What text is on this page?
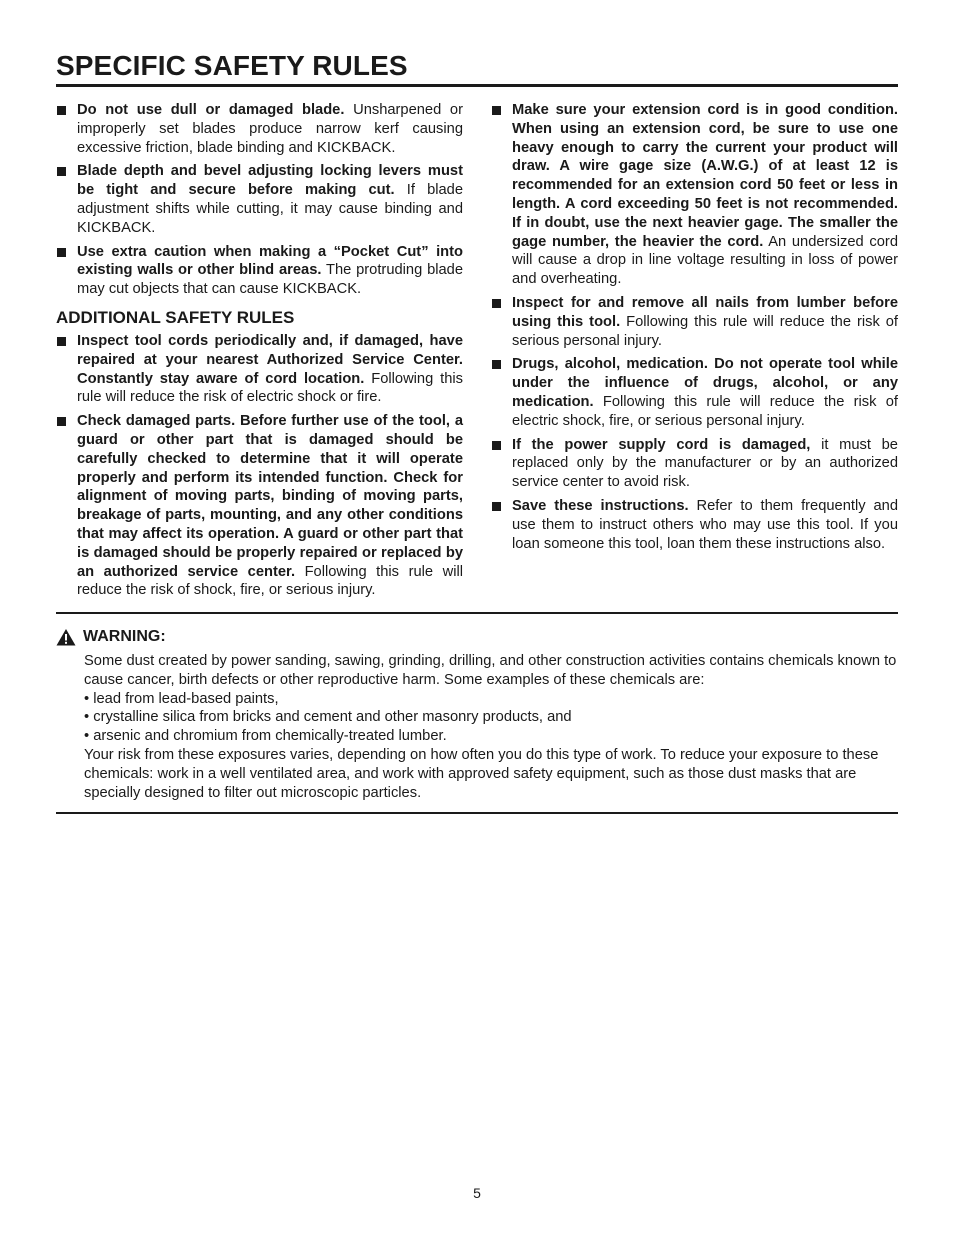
SPECIFIC SAFETY RULES

Do not use dull or damaged blade. Unsharpened or improperly set blades produce narrow kerf causing excessive friction, blade binding and KICKBACK.

Blade depth and bevel adjusting locking levers must be tight and secure before making cut. If blade adjustment shifts while cutting, it may cause binding and KICKBACK.

Use extra caution when making a “Pocket Cut” into existing walls or other blind areas. The protruding blade may cut objects that can cause KICKBACK.

ADDITIONAL SAFETY RULES

Inspect tool cords periodically and, if damaged, have repaired at your nearest Authorized Service Center. Constantly stay aware of cord location. Following this rule will reduce the risk of electric shock or fire.

Check damaged parts. Before further use of the tool, a guard or other part that is damaged should be carefully checked to determine that it will operate properly and perform its intended function. Check for alignment of moving parts, binding of moving parts, breakage of parts, mounting, and any other conditions that may affect its operation. A guard or other part that is damaged should be properly repaired or replaced by an authorized service center. Following this rule will reduce the risk of shock, fire, or serious injury.

Make sure your extension cord is in good condition. When using an extension cord, be sure to use one heavy enough to carry the current your product will draw. A wire gage size (A.W.G.) of at least 12 is recommended for an extension cord 50 feet or less in length. A cord exceeding 50 feet is not recommended. If in doubt, use the next heavier gage. The smaller the gage number, the heavier the cord. An undersized cord will cause a drop in line voltage resulting in loss of power and overheating.

Inspect for and remove all nails from lumber before using this tool. Following this rule will reduce the risk of serious personal injury.

Drugs, alcohol, medication. Do not operate tool while under the influence of drugs, alcohol, or any medication. Following this rule will reduce the risk of electric shock, fire, or serious personal injury.

If the power supply cord is damaged, it must be replaced only by the manufacturer or by an authorized service center to avoid risk.

Save these instructions. Refer to them frequently and use them to instruct others who may use this tool. If you loan someone this tool, loan them these instructions also.

WARNING:

Some dust created by power sanding, sawing, grinding, drilling, and other construction activities contains chemicals known to cause cancer, birth defects or other reproductive harm. Some examples of these chemicals are:

• lead from lead-based paints,

• crystalline silica from bricks and cement and other masonry products, and

• arsenic and chromium from chemically-treated lumber.

Your risk from these exposures varies, depending on how often you do this type of work. To reduce your exposure to these chemicals: work in a well ventilated area, and work with approved safety equipment, such as those dust masks that are specially designed to filter out microscopic particles.

5
